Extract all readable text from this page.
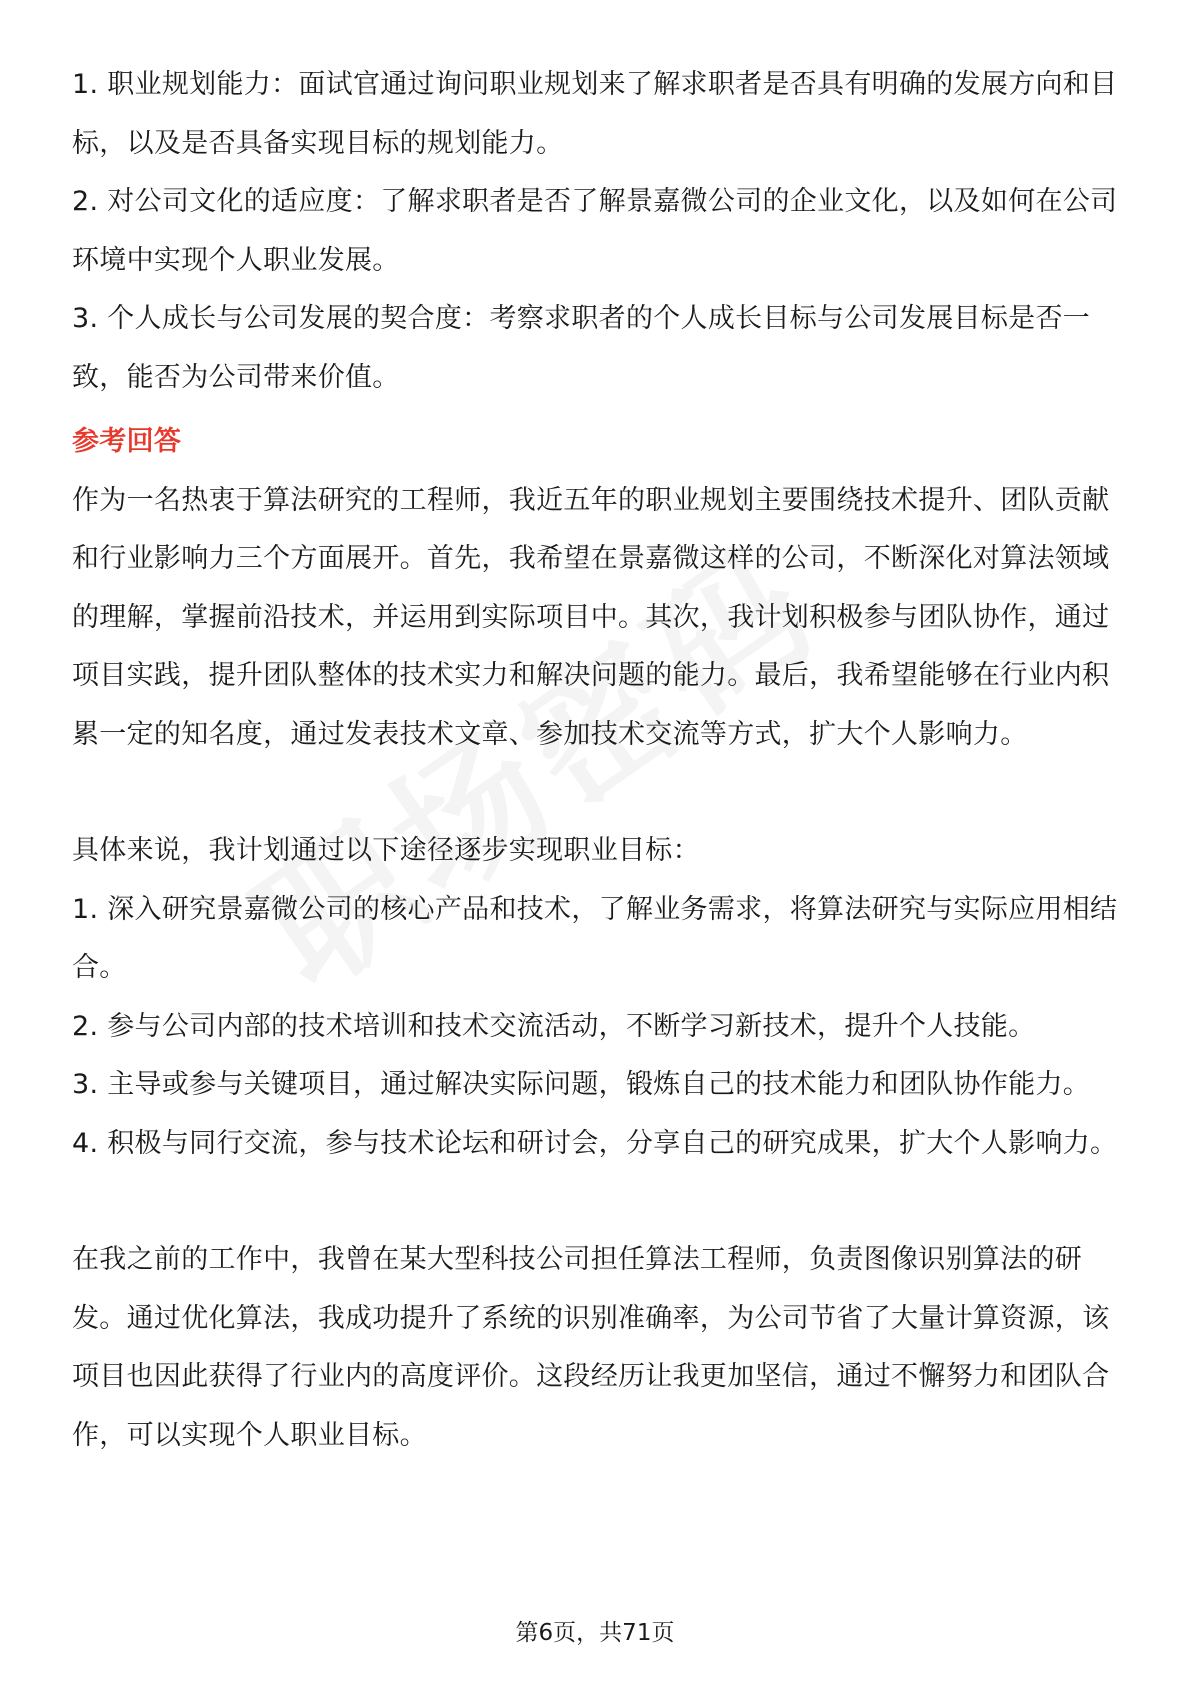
1. 职业规划能力：面试官通过询问职业规划来了解求职者是否具有明确的发展方向和目标，以及是否具备实现目标的规划能力。

2. 对公司文化的适应度：了解求职者是否了解景嘉微公司的企业文化，以及如何在公司环境中实现个人职业发展。

3. 个人成长与公司发展的契合度：考察求职者的个人成长目标与公司发展目标是否一致，能否为公司带来价值。

参考回答

作为一名热衷于算法研究的工程师，我近五年的职业规划主要围绕技术提升、团队贡献和行业影响力三个方面展开。首先，我希望在景嘉微这样的公司，不断深化对算法领域的理解，掌握前沿技术，并运用到实际项目中。其次，我计划积极参与团队协作，通过项目实践，提升团队整体的技术实力和解决问题的能力。最后，我希望能够在行业内积累一定的知名度，通过发表技术文章、参加技术交流等方式，扩大个人影响力。

具体来说，我计划通过以下途径逐步实现职业目标：

1. 深入研究景嘉微公司的核心产品和技术，了解业务需求，将算法研究与实际应用相结合。

2. 参与公司内部的技术培训和技术交流活动，不断学习新技术，提升个人技能。

3. 主导或参与关键项目，通过解决实际问题，锻炼自己的技术能力和团队协作能力。

4. 积极与同行交流，参与技术论坛和研讨会，分享自己的研究成果，扩大个人影响力。

在我之前的工作中，我曾在某大型科技公司担任算法工程师，负责图像识别算法的研发。通过优化算法，我成功提升了系统的识别准确率，为公司节省了大量计算资源，该项目也因此获得了行业内的高度评价。这段经历让我更加坚信，通过不懈努力和团队合作，可以实现个人职业目标。

第6页，共71页
